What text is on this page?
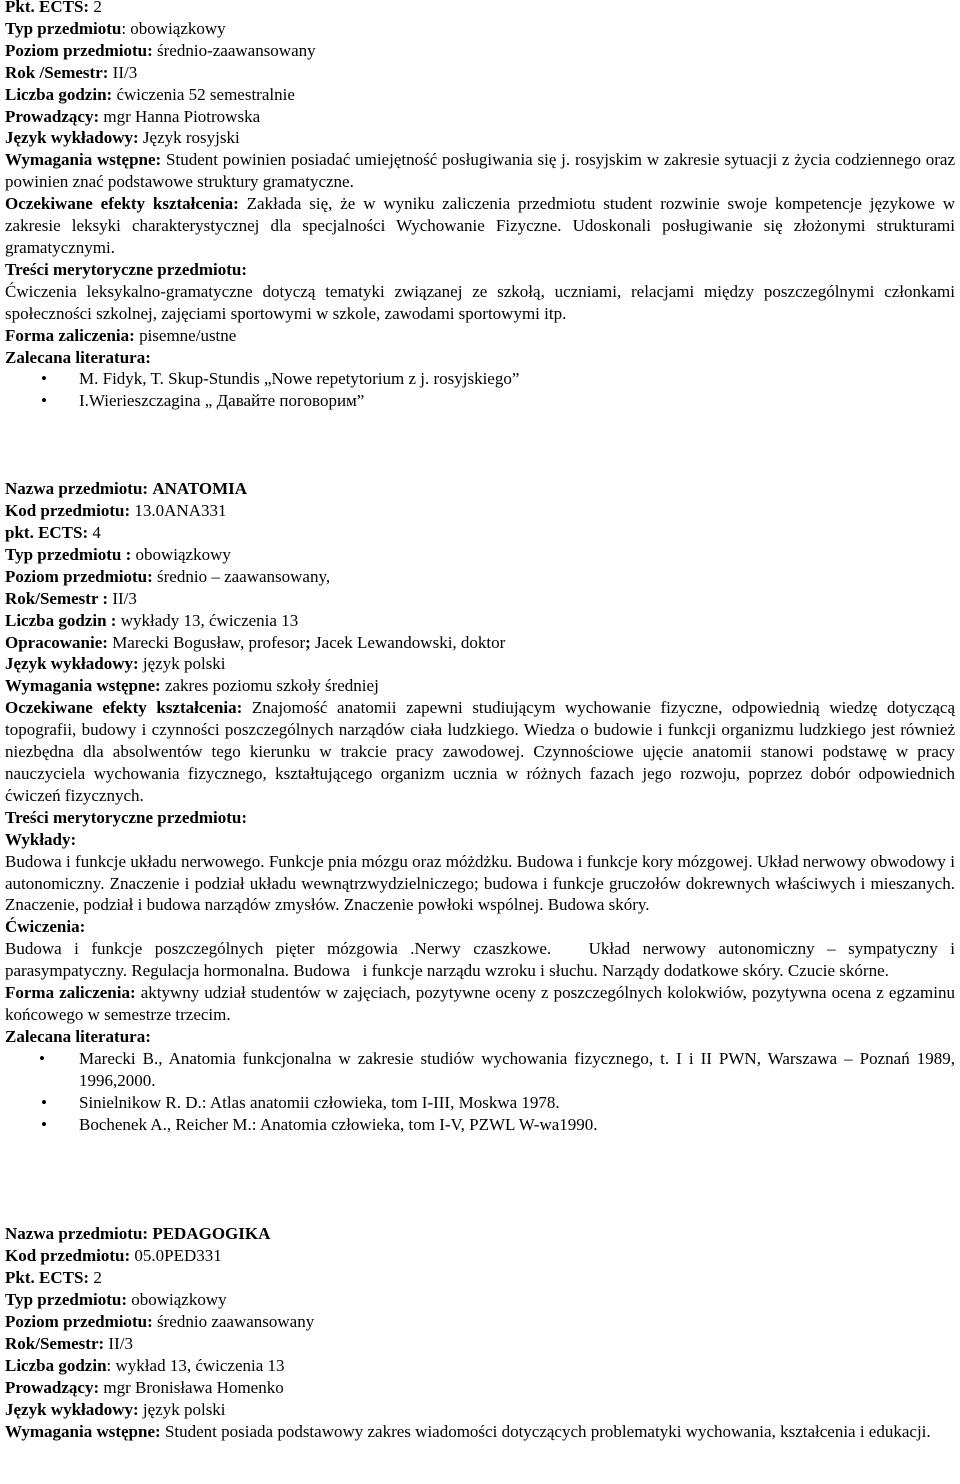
Pkt. ECTS: 2
Typ przedmiotu: obowiązkowy
Poziom przedmiotu: średnio-zaawansowany
Rok /Semestr: II/3
Liczba godzin: ćwiczenia 52 semestralnie
Prowadzący: mgr Hanna Piotrowska
Język wykładowy: Język rosyjski
Wymagania wstępne: Student powinien posiadać umiejętność posługiwania się j. rosyjskim w zakresie sytuacji z życia codziennego oraz powinien znać podstawowe struktury gramatyczne.
Oczekiwane efekty kształcenia: Zakłada się, że w wyniku zaliczenia przedmiotu student rozwinie swoje kompetencje językowe w zakresie leksyki charakterystycznej dla specjalności Wychowanie Fizyczne. Udoskonali posługiwanie się złożonymi strukturami gramatycznymi.
Treści merytoryczne przedmiotu:
Ćwiczenia leksykalno-gramatyczne dotyczą tematyki związanej ze szkołą, uczniami, relacjami między poszczególnymi członkami społeczności szkolnej, zajęciami sportowymi w szkole, zawodami sportowymi itp.
Forma zaliczenia: pisemne/ustne
Zalecana literatura:
• M. Fidyk, T. Skup-Stundis „Nowe repetytorium z j. rosyjskiego”
• I.Wierieszczagina „ Давайте поговорим”
Nazwa przedmiotu: ANATOMIA
Kod przedmiotu: 13.0ANA331
pkt. ECTS: 4
Typ przedmiotu : obowiązkowy
Poziom przedmiotu: średnio – zaawansowany,
Rok/Semestr : II/3
Liczba godzin : wykłady 13, ćwiczenia 13
Opracowanie: Marecki Bogusław, profesor; Jacek Lewandowski, doktor
Język wykładowy: język polski
Wymagania wstępne: zakres poziomu szkoły średniej
Oczekiwane efekty kształcenia: Znajomość anatomii zapewni studiującym wychowanie fizyczne, odpowiednią wiedzę dotyczącą topografii, budowy i czynności poszczególnych narządów ciała ludzkiego. Wiedza o budowie i funkcji organizmu ludzkiego jest również niezbędna dla absolwentów tego kierunku w trakcie pracy zawodowej. Czynnościowe ujęcie anatomii stanowi podstawę w pracy nauczyciela wychowania fizycznego, kształtującego organizm ucznia w różnych fazach jego rozwoju, poprzez dobór odpowiednich ćwiczeń fizycznych.
Treści merytoryczne przedmiotu:
Wykłady:
Budowa i funkcje układu nerwowego. Funkcje pnia mózgu oraz móżdżku. Budowa i funkcje kory mózgowej. Układ nerwowy obwodowy i autonomiczny. Znaczenie i podział układu wewnątrzwydzielniczego; budowa i funkcje gruczołów dokrewnych właściwych i mieszanych. Znaczenie, podział i budowa narządów zmysłów. Znaczenie powłoki wspólnej. Budowa skóry.
Ćwiczenia:
Budowa i funkcje poszczególnych pięter mózgowia .Nerwy czaszkowe.   Układ nerwowy autonomiczny – sympatyczny i parasympatyczny. Regulacja hormonalna. Budowa   i funkcje narządu wzroku i słuchu. Narządy dodatkowe skóry. Czucie skórne.
Forma zaliczenia: aktywny udział studentów w zajęciach, pozytywne oceny z poszczególnych kolokwiów, pozytywna ocena z egzaminu końcowego w semestrze trzecim.
Zalecana literatura:
• Marecki B., Anatomia funkcjonalna w zakresie studiów wychowania fizycznego, t. I i II PWN, Warszawa – Poznań 1989, 1996,2000.
• Sinielnikow R. D.: Atlas anatomii człowieka, tom I-III, Moskwa 1978.
• Bochenek A., Reicher M.: Anatomia człowieka, tom I-V, PZWL W-wa1990.
Nazwa przedmiotu: PEDAGOGIKA
Kod przedmiotu: 05.0PED331
Pkt. ECTS: 2
Typ przedmiotu: obowiązkowy
Poziom przedmiotu: średnio zaawansowany
Rok/Semestr: II/3
Liczba godzin: wykład 13, ćwiczenia 13
Prowadzący: mgr Bronisława Homenko
Język wykładowy: język polski
Wymagania wstępne: Student posiada podstawowy zakres wiadomości dotyczących problematyki wychowania, kształcenia i edukacji.
